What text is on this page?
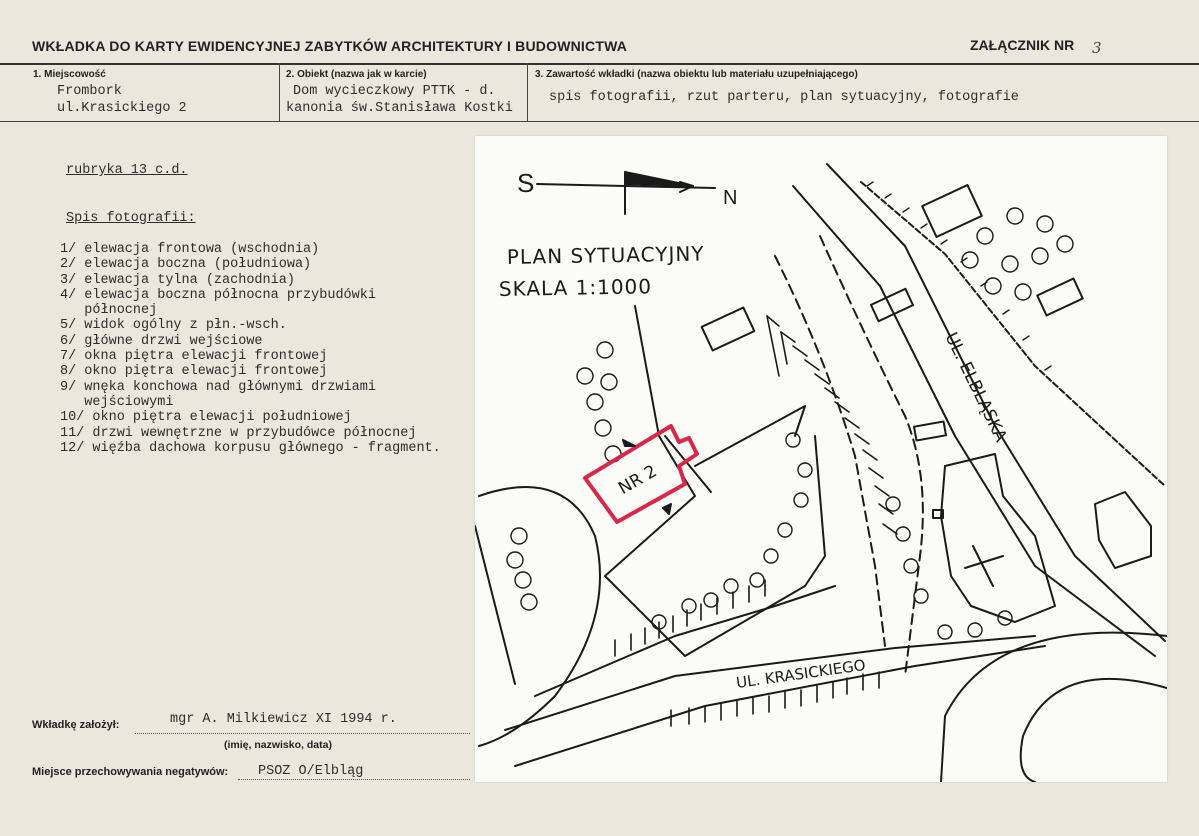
WKŁADKA DO KARTY EWIDENCYJNEJ ZABYTKÓW ARCHITEKTURY I BUDOWNICTWA	ZAŁĄCZNIK NR 3
1. Miejscowość
Frombork
ul.Krasickiego 2
2. Obiekt (nazwa jak w karcie)
Dom wycieczkowy PTTK - d.
kanonia św.Stanisława Kostki
3. Zawartość wkładki (nazwa obiektu lub materiału uzupełniającego)
spis fotografii, rzut parteru, plan sytuacyjny, fotografie
rubryka 13 c.d.
Spis fotografii:
1/ elewacja frontowa (wschodnia)
2/ elewacja boczna (południowa)
3/ elewacja tylna (zachodnia)
4/ elewacja boczna północna przybudówki
północnej
5/ widok ogólny z płn.-wsch.
6/ główne drzwi wejściowe
7/ okna piętra elewacji frontowej
8/ okno piętra elewacji frontowej
9/ wnęka konchowa nad głównymi drzwiami
wejściowymi
10/ okno piętra elewacji południowej
11/ drzwi wewnętrzne w przybudówce północnej
12/ więźba dachowa korpusu głównego - fragment.
Wkładkę założył:	mgr A. Milkiewicz XI 1994 r.
(imię, nazwisko, data)
Miejsce przechowywania negatywów: PSOZ O/Elbląg
S	N
PLAN SYTUACYJNY
SKALA 1:1000
UL. ELBLĄSKA
UL. KRASICKIEGO
NR 2
